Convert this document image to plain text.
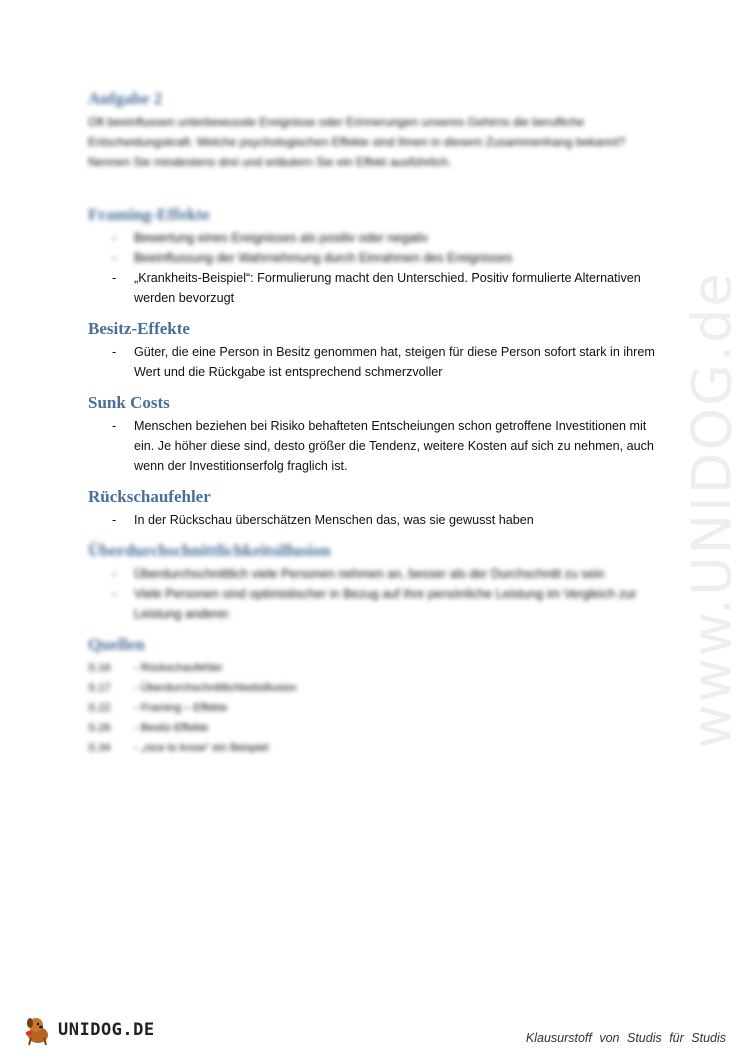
www.UNIDOG.de
Aufgabe 2

Oft beeinflussen unterbewusste Ereignisse oder Erinnerungen unseres Gehirns die berufliche Entscheidungskraft. Welche psychologischen Effekte sind Ihnen in diesem Zusammenhang bekannt? Nennen Sie mindestens drei und erläutern Sie ein Effekt ausführlich.

Framing-Effekte
- Bewertung eines Ereignisses als positiv oder negativ
- Beeinflussung der Wahrnehmung durch Einrahmen des Ereignisses
- „Krankheits-Beispiel“: Formulierung macht den Unterschied. Positiv formulierte Alternativen werden bevorzugt
Besitz-Effekte
- Güter, die eine Person in Besitz genommen hat, steigen für diese Person sofort stark in ihrem Wert und die Rückgabe ist entsprechend schmerzvoller
Sunk Costs
- Menschen beziehen bei Risiko behafteten Entscheiungen schon getroffene Investitionen mit ein. Je höher diese sind, desto größer die Tendenz, weitere Kosten auf sich zu nehmen, auch wenn der Investitionserfolg fraglich ist.
Rückschaufehler
- In der Rückschau überschätzen Menschen das, was sie gewusst haben
Überdurchschnittlichkeitsillusion
- Überdurchschnittlich viele Personen nehmen an, besser als der Durchschnitt zu sein
- Viele Personen sind optimistischer in Bezug auf ihre persönliche Leistung im Vergleich zur Leistung anderer.
Quellen
S.16	- Rückschaufehler
S.17	- Überdurchschnittlichkeitsillusion
S.22	- Framing – Effekte
S.26	- Besitz-Effekte
S.34	- „nice to know“ ein Beispiel
UNIDOG.DE	Klausurstoff von Studis für Studis
